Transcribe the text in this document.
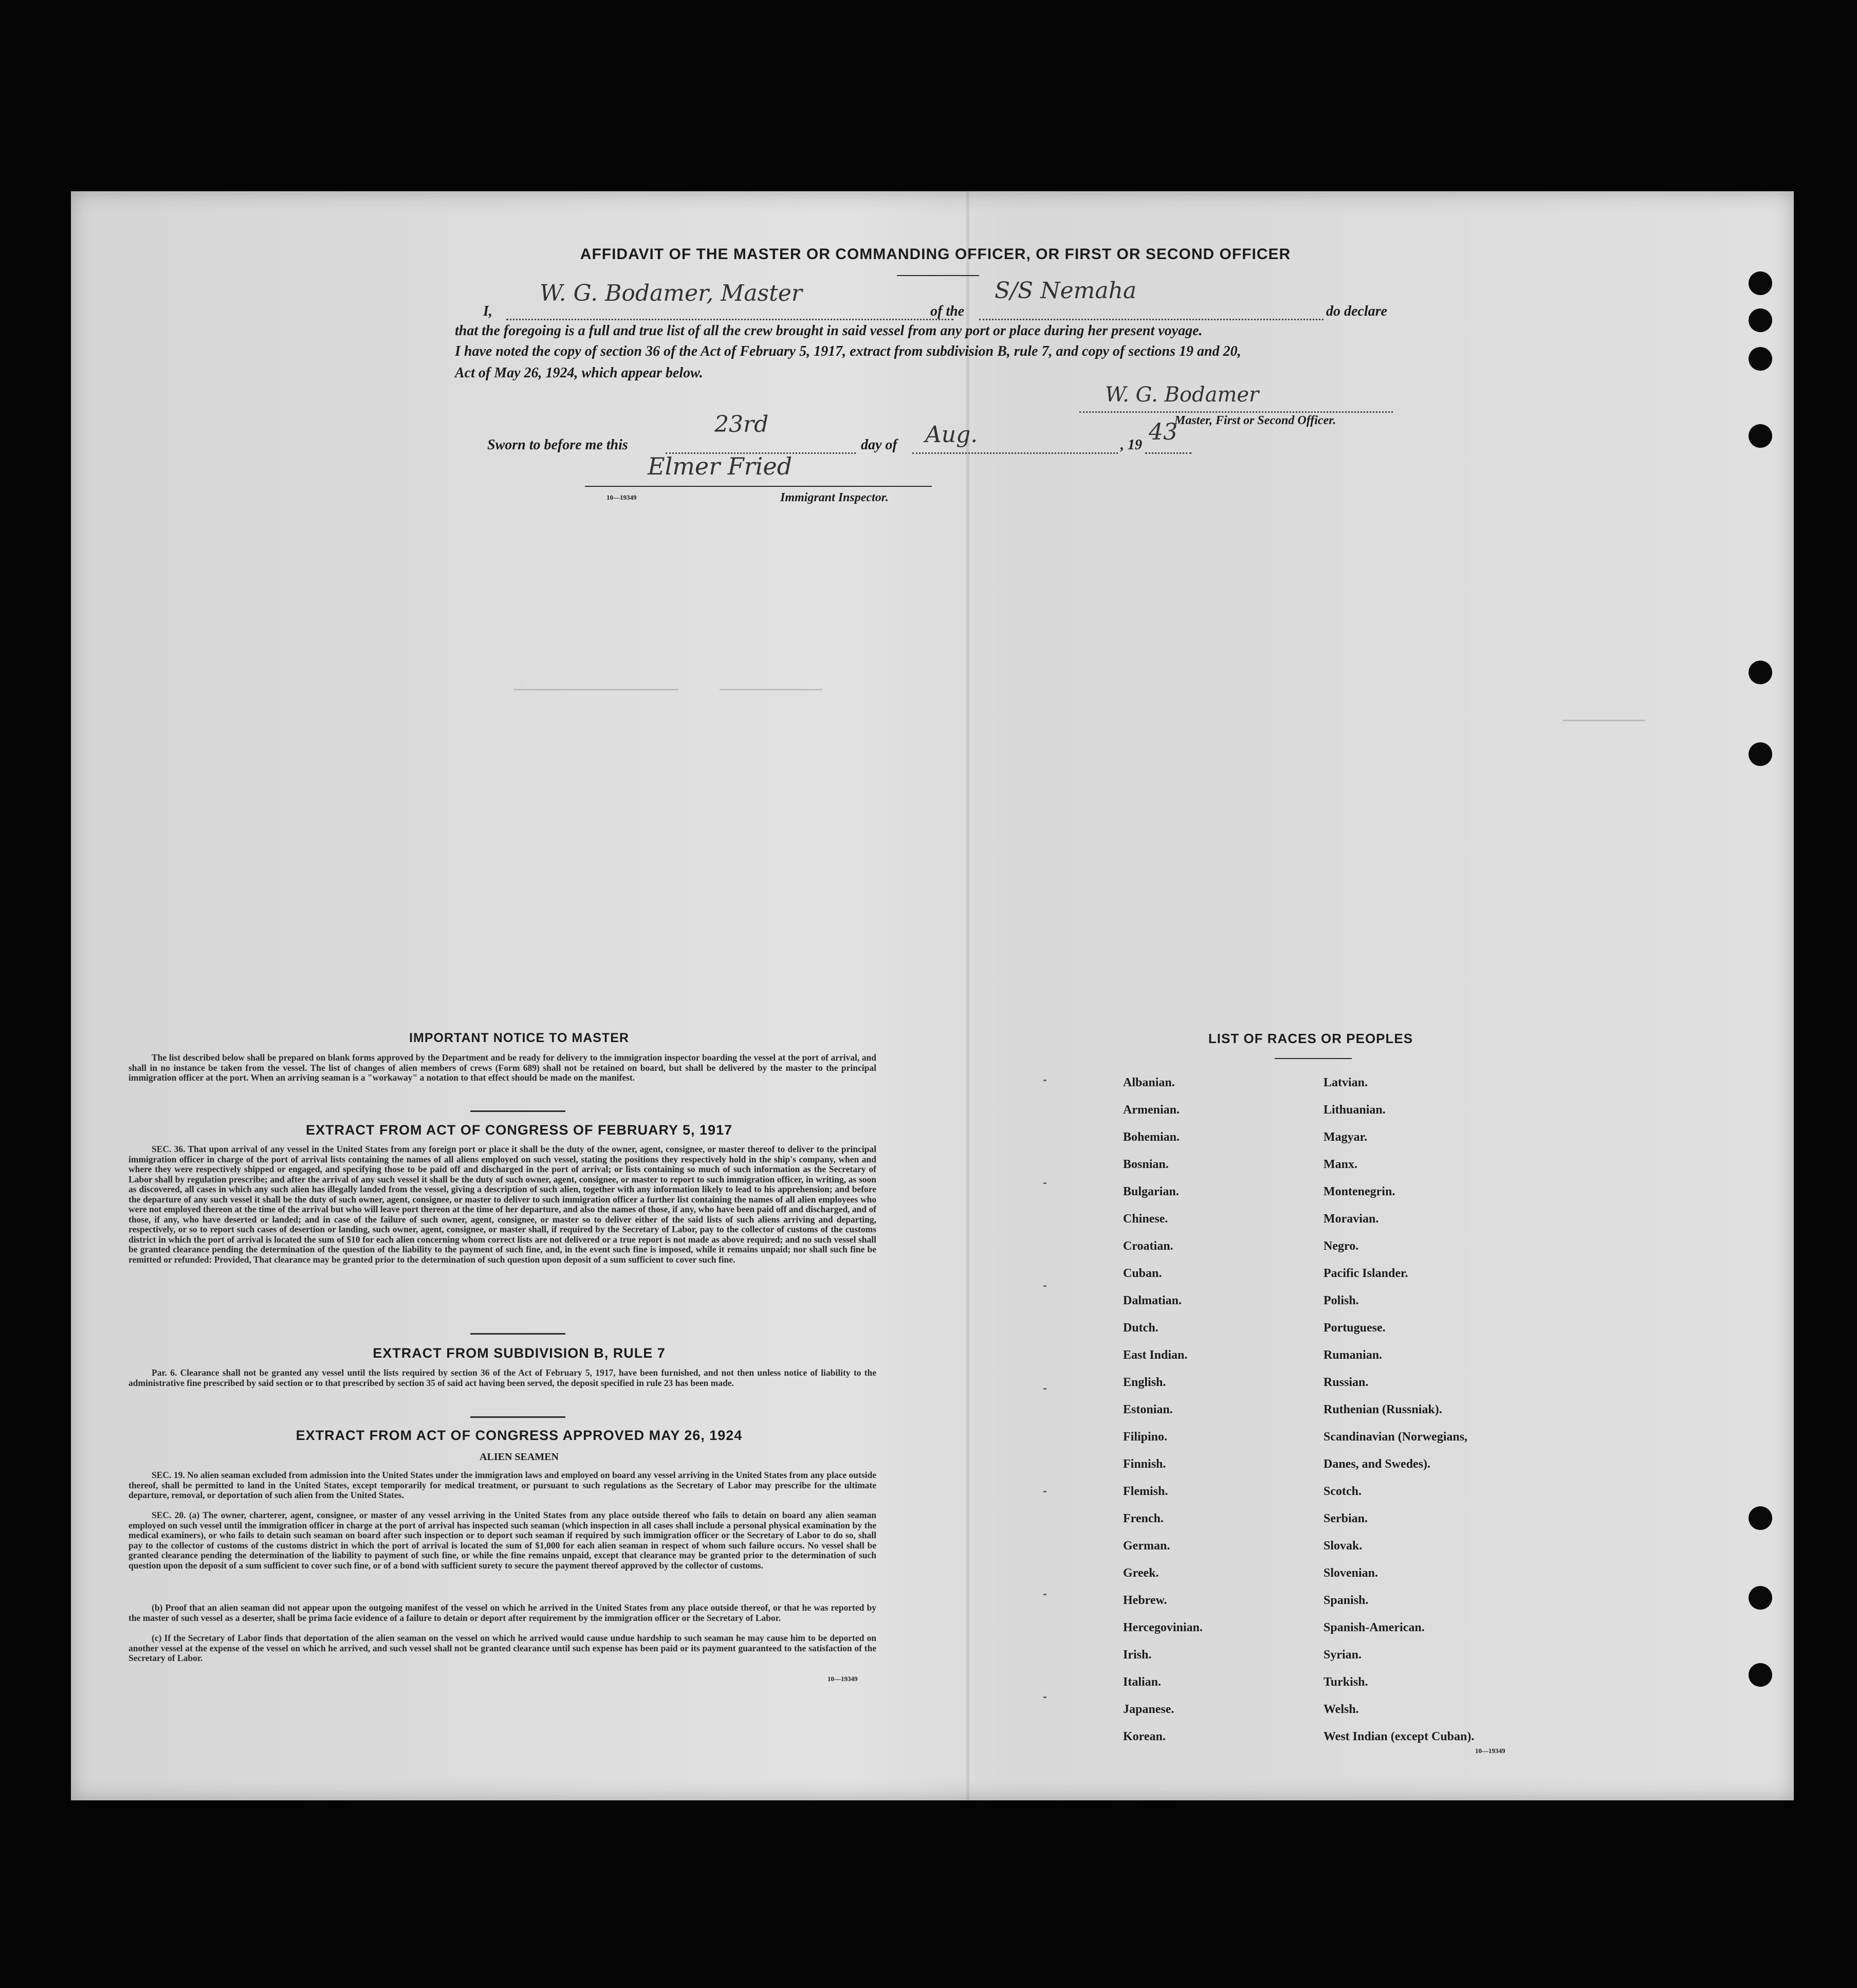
AFFIDAVIT OF THE MASTER OR COMMANDING OFFICER, OR FIRST OR SECOND OFFICER
I,
W. G. Bodamer, Master
of the
S/S Nemaha
do declare
that the foregoing is a full and true list of all the crew brought in said vessel from any port or place during her present voyage.
I have noted the copy of section 36 of the Act of February 5, 1917, extract from subdivision B, rule 7, and copy of sections 19 and 20,
Act of May 26, 1924, which appear below.
W. G. Bodamer
Master, First or Second Officer.
Sworn to before me this
23rd
day of Aug.	, 19 43
Elmer Fried
10—19349	Immigrant Inspector.
IMPORTANT NOTICE TO MASTER
The list described below shall be prepared on blank forms approved by the Department and be ready for delivery to the immigration inspector boarding the vessel at the port of arrival, and shall in no instance be taken from the vessel. The list of changes of alien members of crews (Form 689) shall not be retained on board, but shall be delivered by the master to the principal immigration officer at the port. When an arriving seaman is a "workaway" a notation to that effect should be made on the manifest.
EXTRACT FROM ACT OF CONGRESS OF FEBRUARY 5, 1917
SEC. 36. That upon arrival of any vessel in the United States from any foreign port or place it shall be the duty of the owner, agent, consignee, or master thereof to deliver to the principal immigration officer in charge of the port of arrival lists containing the names of all aliens employed on such vessel, stating the positions they respectively hold in the ship's company, when and where they were respectively shipped or engaged, and specifying those to be paid off and discharged in the port of arrival; or lists containing so much of such information as the Secretary of Labor shall by regulation prescribe; and after the arrival of any such vessel it shall be the duty of such owner, agent, consignee, or master to report to such immigration officer, in writing, as soon as discovered, all cases in which any such alien has illegally landed from the vessel, giving a description of such alien, together with any information likely to lead to his apprehension; and before the departure of any such vessel it shall be the duty of such owner, agent, consignee, or master to deliver to such immigration officer a further list containing the names of all alien employees who were not employed thereon at the time of the arrival but who will leave port thereon at the time of her departure, and also the names of those, if any, who have been paid off and discharged, and of those, if any, who have deserted or landed; and in case of the failure of such owner, agent, consignee, or master so to deliver either of the said lists of such aliens arriving and departing, respectively, or so to report such cases of desertion or landing, such owner, agent, consignee, or master shall, if required by the Secretary of Labor, pay to the collector of customs of the customs district in which the port of arrival is located the sum of $10 for each alien concerning whom correct lists are not delivered or a true report is not made as above required; and no such vessel shall be granted clearance pending the determination of the question of the liability to the payment of such fine, and, in the event such fine is imposed, while it remains unpaid; nor shall such fine be remitted or refunded: Provided, That clearance may be granted prior to the determination of such question upon deposit of a sum sufficient to cover such fine.
EXTRACT FROM SUBDIVISION B, RULE 7
Par. 6. Clearance shall not be granted any vessel until the lists required by section 36 of the Act of February 5, 1917, have been furnished, and not then unless notice of liability to the administrative fine prescribed by said section or to that prescribed by section 35 of said act having been served, the deposit specified in rule 23 has been made.
EXTRACT FROM ACT OF CONGRESS APPROVED MAY 26, 1924
ALIEN SEAMEN
SEC. 19. No alien seaman excluded from admission into the United States under the immigration laws and employed on board any vessel arriving in the United States from any place outside thereof, shall be permitted to land in the United States, except temporarily for medical treatment, or pursuant to such regulations as the Secretary of Labor may prescribe for the ultimate departure, removal, or deportation of such alien from the United States.
SEC. 20. (a) The owner, charterer, agent, consignee, or master of any vessel arriving in the United States from any place outside thereof who fails to detain on board any alien seaman employed on such vessel until the immigration officer in charge at the port of arrival has inspected such seaman (which inspection in all cases shall include a personal physical examination by the medical examiners), or who fails to detain such seaman on board after such inspection or to deport such seaman if required by such immigration officer or the Secretary of Labor to do so, shall pay to the collector of customs of the customs district in which the port of arrival is located the sum of $1,000 for each alien seaman in respect of whom such failure occurs. No vessel shall be granted clearance pending the determination of the liability to payment of such fine, or while the fine remains unpaid, except that clearance may be granted prior to the determination of such question upon the deposit of a sum sufficient to cover such fine, or of a bond with sufficient surety to secure the payment thereof approved by the collector of customs.
(b) Proof that an alien seaman did not appear upon the outgoing manifest of the vessel on which he arrived in the United States from any place outside thereof, or that he was reported by the master of such vessel as a deserter, shall be prima facie evidence of a failure to detain or deport after requirement by the immigration officer or the Secretary of Labor.
(c) If the Secretary of Labor finds that deportation of the alien seaman on the vessel on which he arrived would cause undue hardship to such seaman he may cause him to be deported on another vessel at the expense of the vessel on which he arrived, and such vessel shall not be granted clearance until such expense has been paid or its payment guaranteed to the satisfaction of the Secretary of Labor.
10—19349
LIST OF RACES OR PEOPLES
Albanian.
Armenian.
Bohemian.
Bosnian.
Bulgarian.
Chinese.
Croatian.
Cuban.
Dalmatian.
Dutch.
East Indian.
English.
Estonian.
Filipino.
Finnish.
Flemish.
French.
German.
Greek.
Hebrew.
Hercegovinian.
Irish.
Italian.
Japanese.
Korean.
Latvian.
Lithuanian.
Magyar.
Manx.
Montenegrin.
Moravian.
Negro.
Pacific Islander.
Polish.
Portuguese.
Rumanian.
Russian.
Ruthenian (Russniak).
Scandinavian (Norwegians,
Danes, and Swedes).
Scotch.
Serbian.
Slovak.
Slovenian.
Spanish.
Spanish-American.
Syrian.
Turkish.
Welsh.
West Indian (except Cuban).
10—19349
